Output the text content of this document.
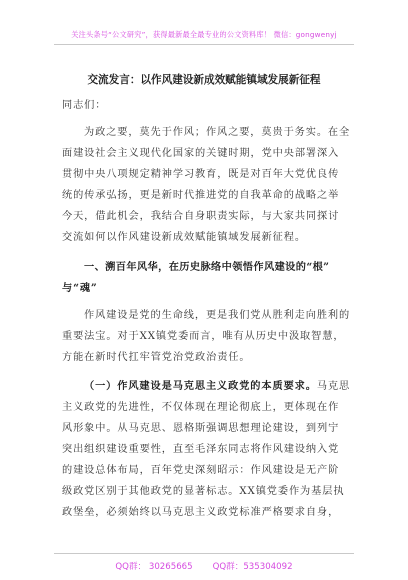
关注头条号“公文研究”，获得最新最全最专业的公文资料库！ 微信：gongwenyj
交流发言：以作风建设新成效赋能镇域发展新征程
同志们：
为政之要，莫先于作风；作风之要，莫贵于务实。在全
面建设社会主义现代化国家的关键时期，党中央部署深入
贯彻中央八项规定精神学习教育，既是对百年大党优良传
统的传承弘扬，更是新时代推进党的自我革命的战略之举
今天，借此机会，我结合自身职责实际，与大家共同探讨
交流如何以作风建设新成效赋能镇域发展新征程。
一、溯百年风华，在历史脉络中领悟作风建设的“根”
与“魂”
作风建设是党的生命线，更是我们党从胜利走向胜利的
重要法宝。对于XX镇党委而言，唯有从历史中汲取智慧，
方能在新时代扛牢管党治党政治责任。
（一）作风建设是马克思主义政党的本质要求。马克思
主义政党的先进性，不仅体现在理论彻底上，更体现在作
风形象中。从马克思、恩格斯强调思想理论建设，到列宁
突出组织建设重要性，直至毛泽东同志将作风建设纳入党
的建设总体布局，百年党史深刻昭示：作风建设是无产阶
级政党区别于其他政党的显著标志。XX镇党委作为基层执
政堡垒，必须始终以马克思主义政党标准严格要求自身，
QQ群： 30265665 QQ群：535304092
